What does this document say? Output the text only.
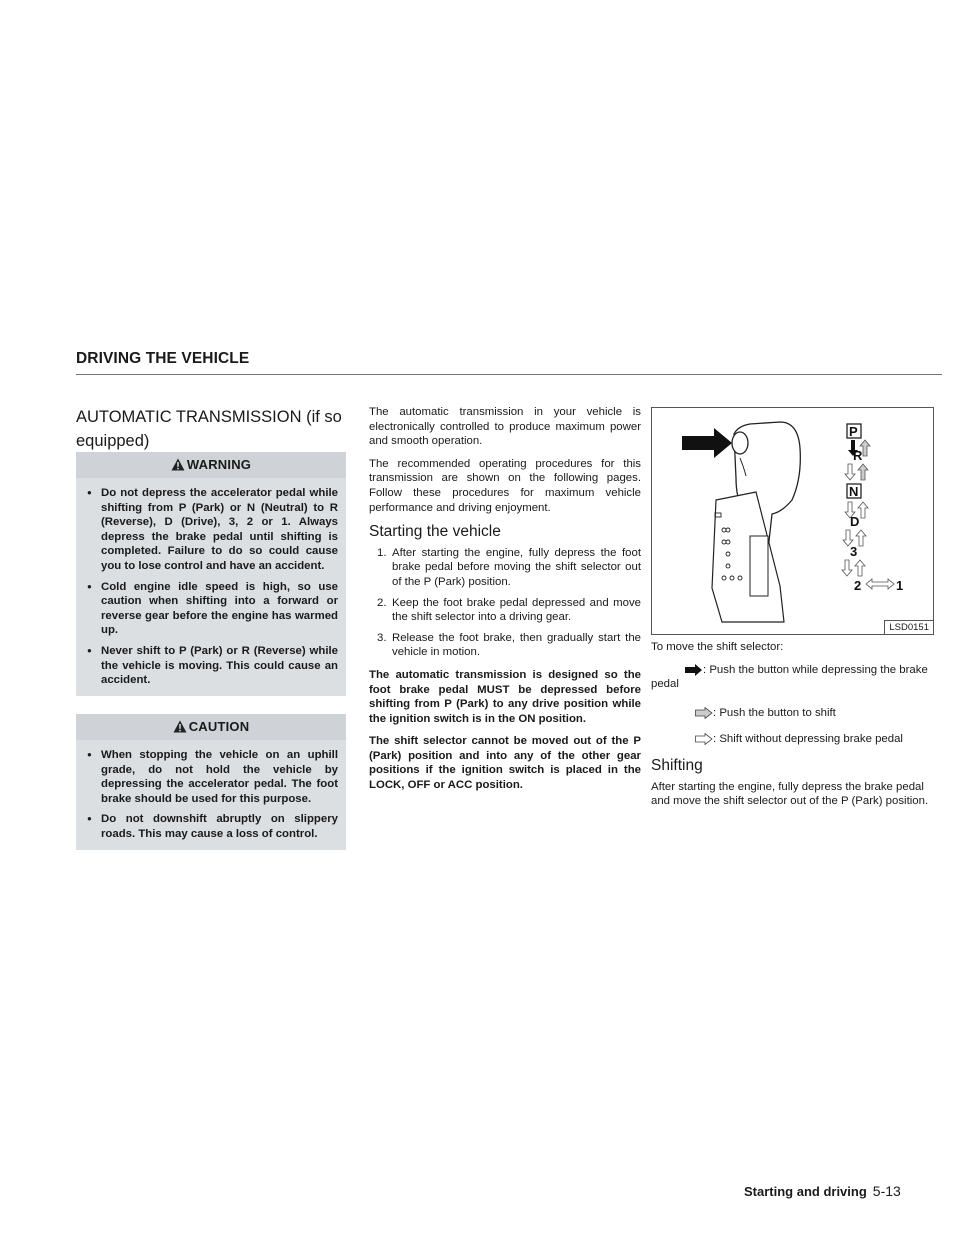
DRIVING THE VEHICLE
AUTOMATIC TRANSMISSION (if so equipped)
WARNING
● Do not depress the accelerator pedal while shifting from P (Park) or N (Neutral) to R (Reverse), D (Drive), 3, 2 or 1. Always depress the brake pedal until shifting is completed. Failure to do so could cause you to lose control and have an accident.
● Cold engine idle speed is high, so use caution when shifting into a forward or reverse gear before the engine has warmed up.
● Never shift to P (Park) or R (Reverse) while the vehicle is moving. This could cause an accident.
CAUTION
● When stopping the vehicle on an uphill grade, do not hold the vehicle by depressing the accelerator pedal. The foot brake should be used for this purpose.
● Do not downshift abruptly on slippery roads. This may cause a loss of control.

The automatic transmission in your vehicle is electronically controlled to produce maximum power and smooth operation.

The recommended operating procedures for this transmission are shown on the following pages. Follow these procedures for maximum vehicle performance and driving enjoyment.

Starting the vehicle
1. After starting the engine, fully depress the foot brake pedal before moving the shift selector out of the P (Park) position.
2. Keep the foot brake pedal depressed and move the shift selector into a driving gear.
3. Release the foot brake, then gradually start the vehicle in motion.

The automatic transmission is designed so the foot brake pedal MUST be depressed before shifting from P (Park) to any drive position while the ignition switch is in the ON position.

The shift selector cannot be moved out of the P (Park) position and into any of the other gear positions if the ignition switch is placed in the LOCK, OFF or ACC position.

P
R
N
D
3
2	1
LSD0151

To move the shift selector:

: Push the button while depressing the brake pedal
: Push the button to shift
: Shift without depressing brake pedal
Shifting

After starting the engine, fully depress the brake pedal and move the shift selector out of the P (Park) position.

Starting and driving 5-13
